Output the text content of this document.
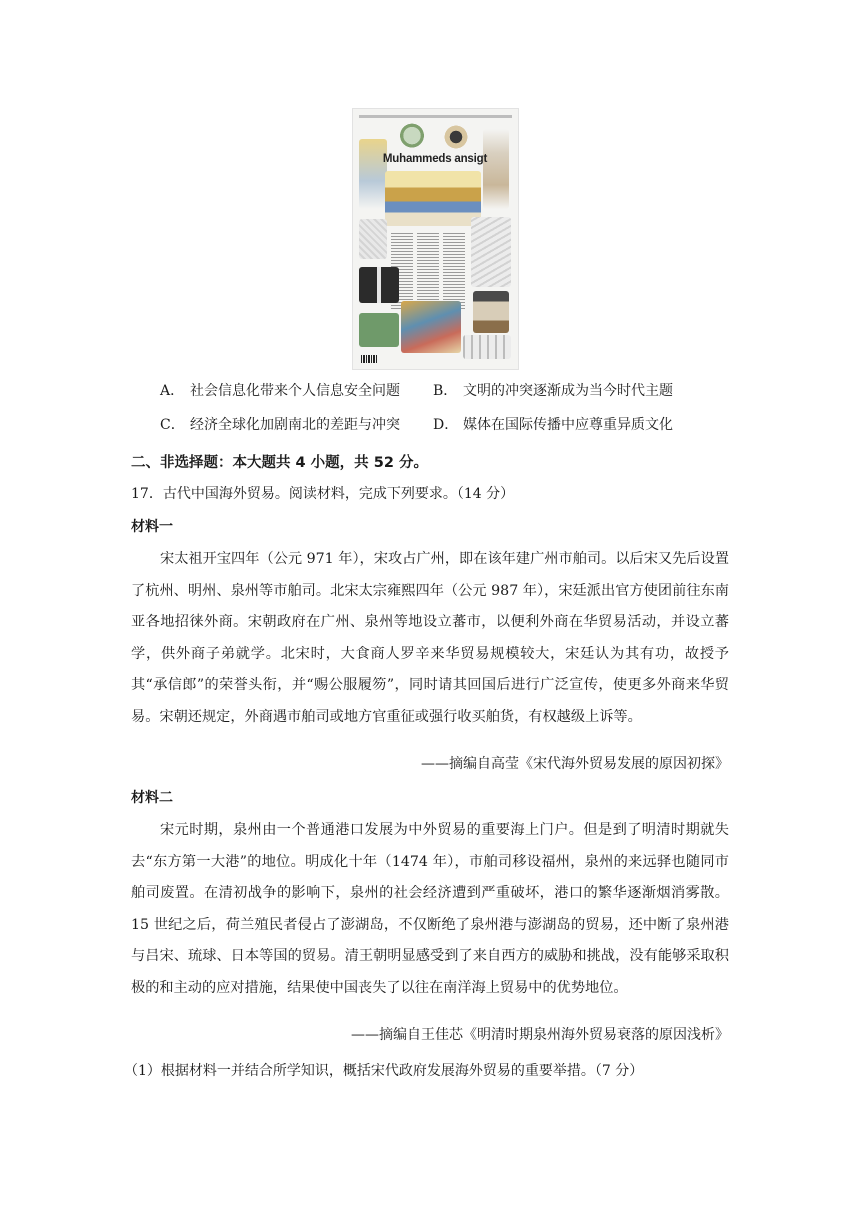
Muhammeds ansigt
A． 社会信息化带来个人信息安全问题 B． 文明的冲突逐渐成为当今时代主题
C． 经济全球化加剧南北的差距与冲突 D． 媒体在国际传播中应尊重异质文化
二、非选择题：本大题共 4 小题，共 52 分。
17．古代中国海外贸易。阅读材料，完成下列要求。（14 分）
材料一

宋太祖开宝四年（公元 971 年），宋攻占广州，即在该年建广州市舶司。以后宋又先后设置了杭州、明州、泉州等市舶司。北宋太宗雍熙四年（公元 987 年），宋廷派出官方使团前往东南亚各地招徕外商。宋朝政府在广州、泉州等地设立蕃市，以便利外商在华贸易活动，并设立蕃学，供外商子弟就学。北宋时，大食商人罗辛来华贸易规模较大，宋廷认为其有功，故授予其“承信郎”的荣誉头衔，并“赐公服履笏”，同时请其回国后进行广泛宣传，使更多外商来华贸易。宋朝还规定，外商遇市舶司或地方官重征或强行收买舶货，有权越级上诉等。

——摘编自高莹《宋代海外贸易发展的原因初探》
材料二

宋元时期，泉州由一个普通港口发展为中外贸易的重要海上门户。但是到了明清时期就失去“东方第一大港”的地位。明成化十年（1474 年），市舶司移设福州，泉州的来远驿也随同市舶司废置。在清初战争的影响下，泉州的社会经济遭到严重破坏，港口的繁华逐渐烟消雾散。15 世纪之后，荷兰殖民者侵占了澎湖岛，不仅断绝了泉州港与澎湖岛的贸易，还中断了泉州港与吕宋、琉球、日本等国的贸易。清王朝明显感受到了来自西方的威胁和挑战，没有能够采取积极的和主动的应对措施，结果使中国丧失了以往在南洋海上贸易中的优势地位。

——摘编自王佳芯《明清时期泉州海外贸易衰落的原因浅析》
（1）根据材料一并结合所学知识，概括宋代政府发展海外贸易的重要举措。（7 分）
